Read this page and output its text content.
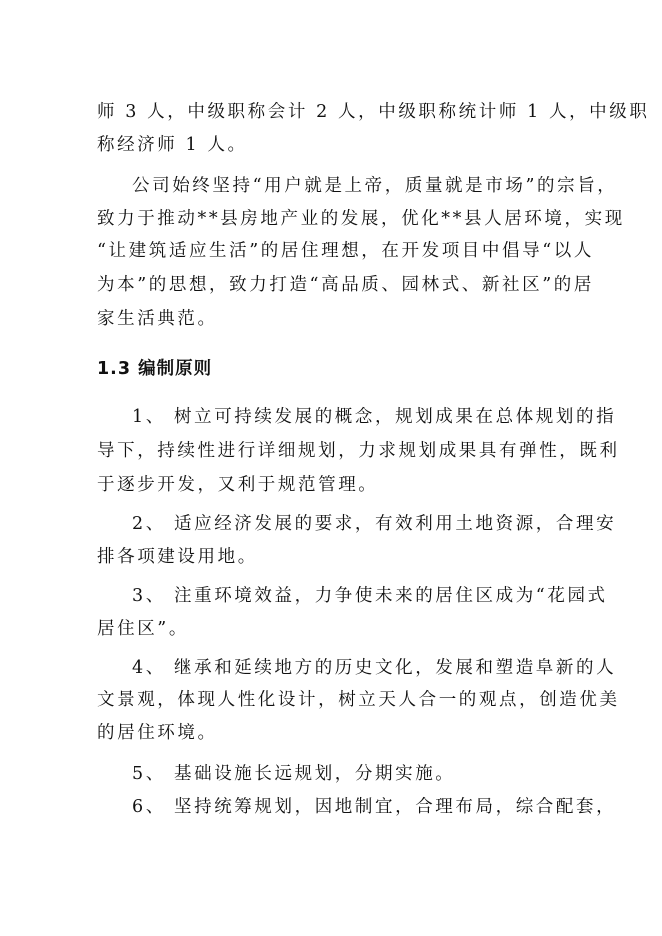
师 3 人，中级职称会计 2 人，中级职称统计师 1 人，中级职
称经济师 1 人。
公司始终坚持“用户就是上帝，质量就是市场”的宗旨，
致力于推动**县房地产业的发展，优化**县人居环境，实现
“让建筑适应生活”的居住理想，在开发项目中倡导“以人
为本”的思想，致力打造“高品质、园林式、新社区”的居
家生活典范。
1.3 编制原则
1、 树立可持续发展的概念，规划成果在总体规划的指
导下，持续性进行详细规划，力求规划成果具有弹性，既利
于逐步开发，又利于规范管理。
2、 适应经济发展的要求，有效利用土地资源，合理安
排各项建设用地。
3、 注重环境效益，力争使未来的居住区成为“花园式
居住区”。
4、 继承和延续地方的历史文化，发展和塑造阜新的人
文景观，体现人性化设计，树立天人合一的观点，创造优美
的居住环境。
5、 基础设施长远规划，分期实施。
6、 坚持统筹规划，因地制宜，合理布局，综合配套，
